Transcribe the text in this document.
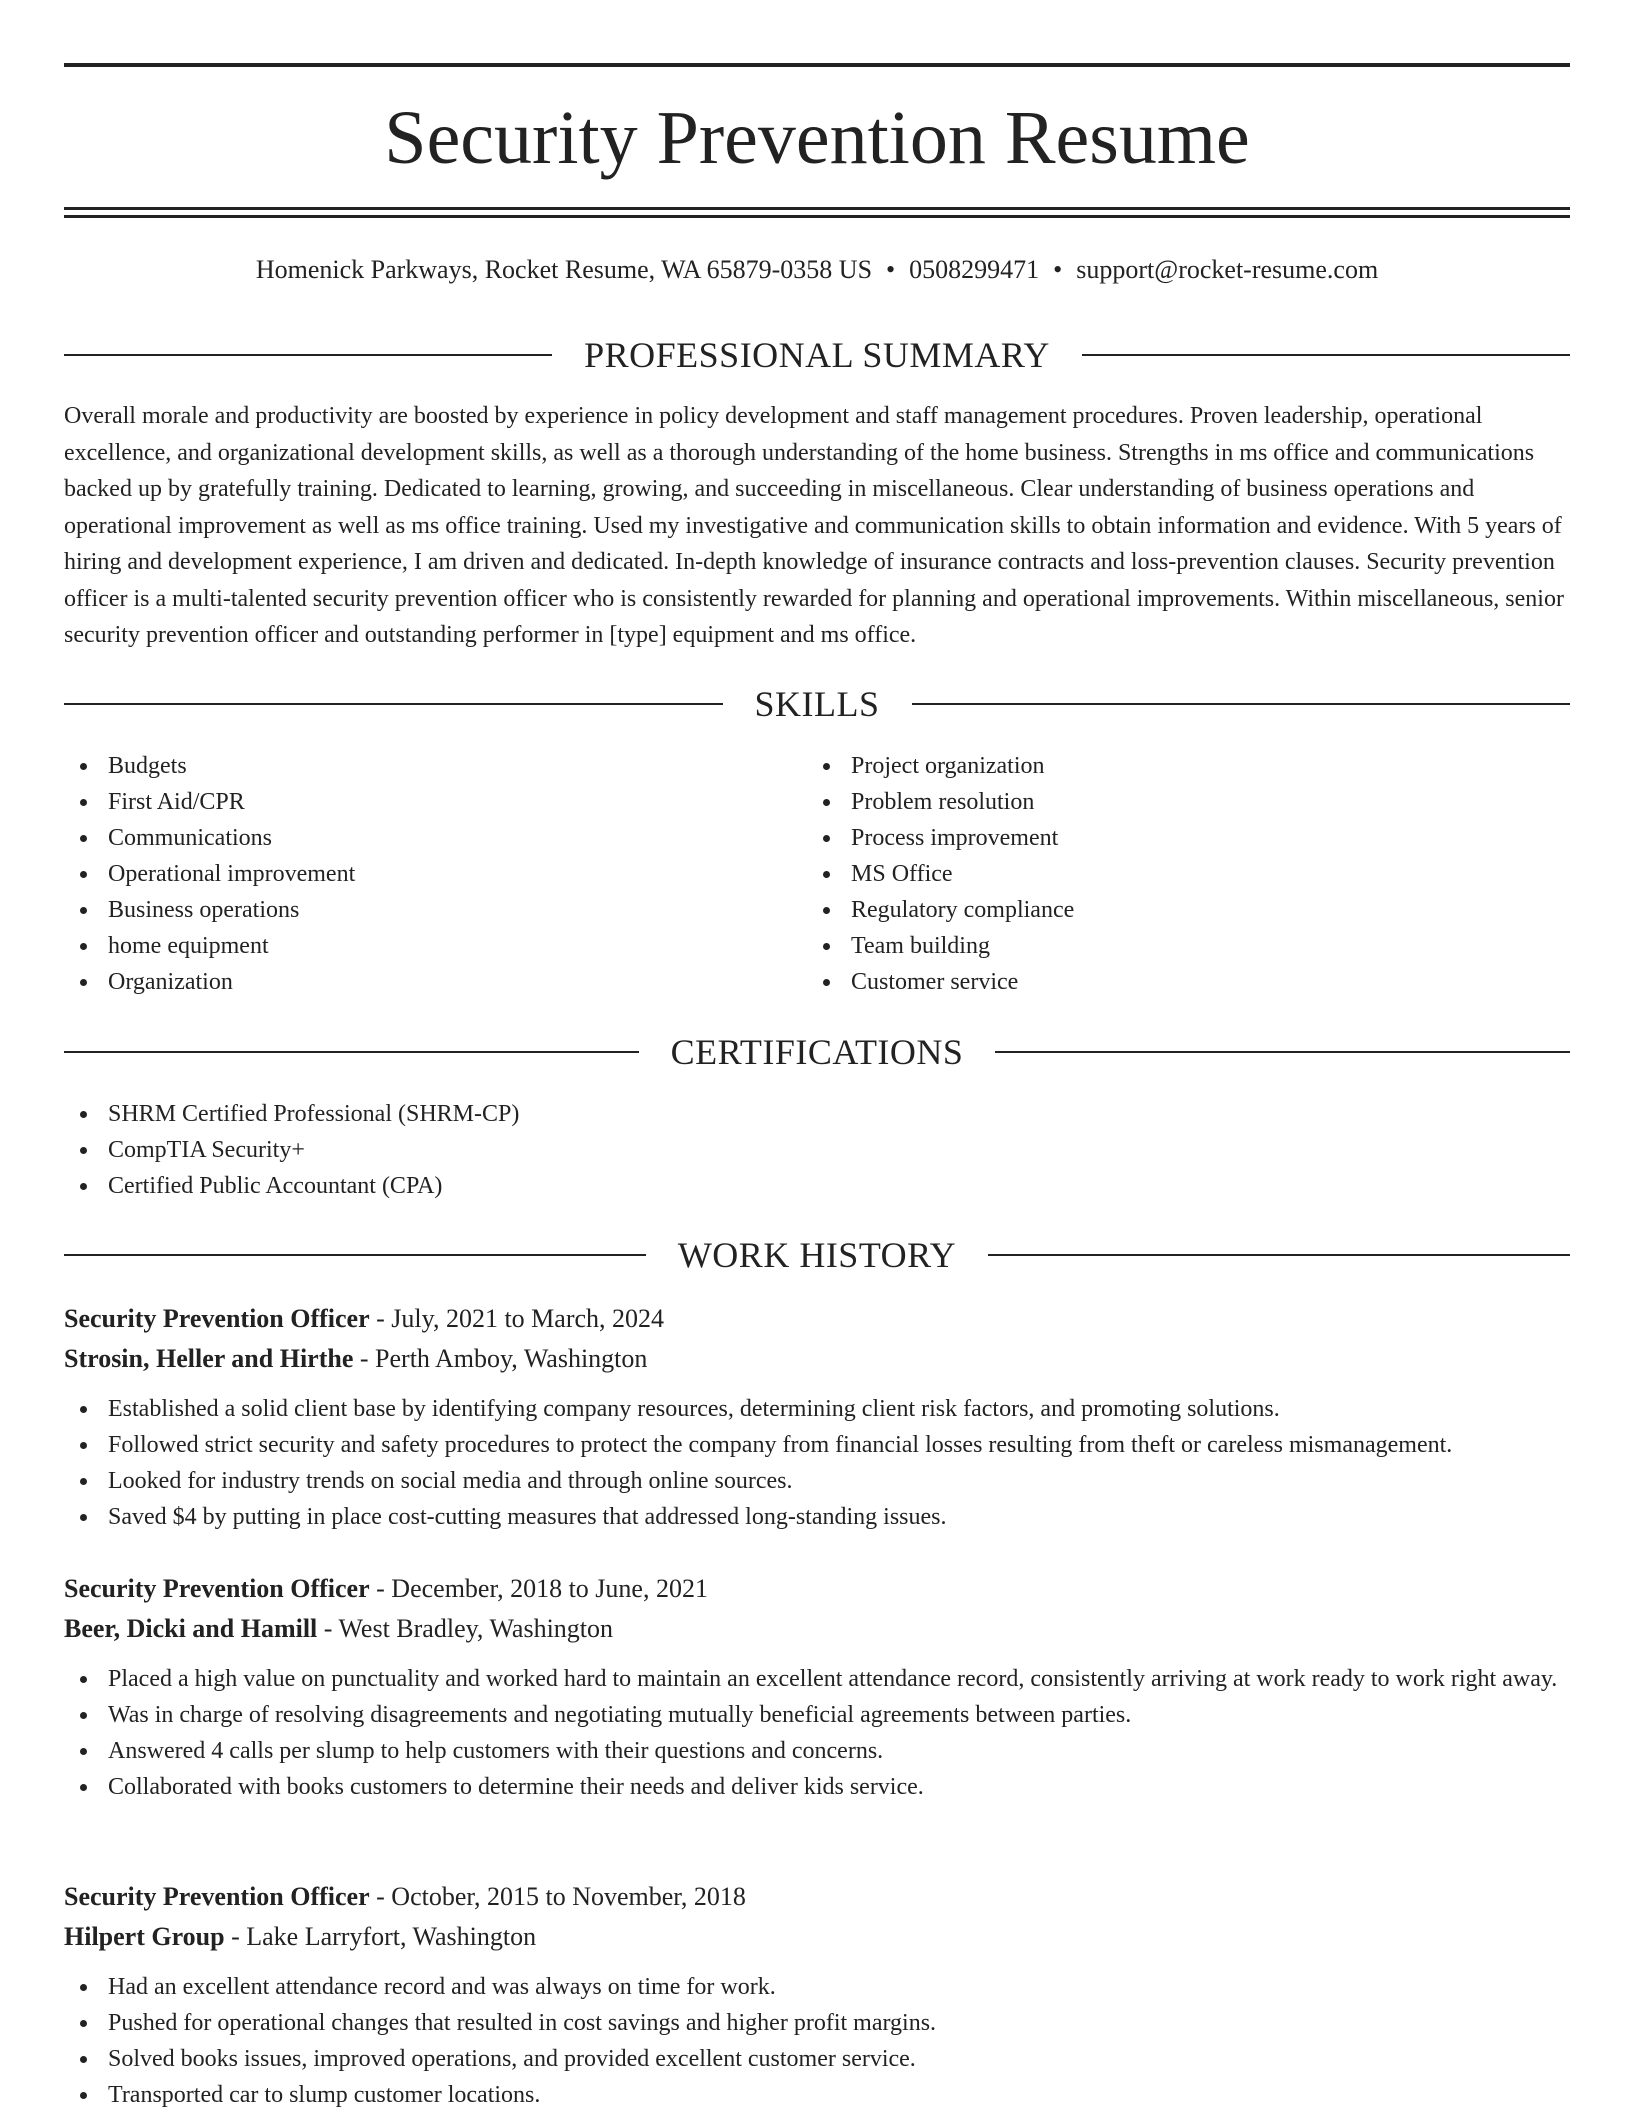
Security Prevention Resume
Homenick Parkways, Rocket Resume, WA 65879-0358 US • 0508299471 • support@rocket-resume.com
PROFESSIONAL SUMMARY

Overall morale and productivity are boosted by experience in policy development and staff management procedures. Proven leadership, operational excellence, and organizational development skills, as well as a thorough understanding of the home business. Strengths in ms office and communications backed up by gratefully training. Dedicated to learning, growing, and succeeding in miscellaneous. Clear understanding of business operations and operational improvement as well as ms office training. Used my investigative and communication skills to obtain information and evidence. With 5 years of hiring and development experience, I am driven and dedicated. In-depth knowledge of insurance contracts and loss-prevention clauses. Security prevention officer is a multi-talented security prevention officer who is consistently rewarded for planning and operational improvements. Within miscellaneous, senior security prevention officer and outstanding performer in [type] equipment and ms office.

SKILLS
Budgets
First Aid/CPR
Communications
Operational improvement
Business operations
home equipment
Organization
Project organization
Problem resolution
Process improvement
MS Office
Regulatory compliance
Team building
Customer service
CERTIFICATIONS
SHRM Certified Professional (SHRM-CP)
CompTIA Security+
Certified Public Accountant (CPA)
WORK HISTORY
Security Prevention Officer - July, 2021 to March, 2024
Strosin, Heller and Hirthe - Perth Amboy, Washington
Established a solid client base by identifying company resources, determining client risk factors, and promoting solutions.
Followed strict security and safety procedures to protect the company from financial losses resulting from theft or careless mismanagement.
Looked for industry trends on social media and through online sources.
Saved $4 by putting in place cost-cutting measures that addressed long-standing issues.
Security Prevention Officer - December, 2018 to June, 2021
Beer, Dicki and Hamill - West Bradley, Washington
Placed a high value on punctuality and worked hard to maintain an excellent attendance record, consistently arriving at work ready to work right away.
Was in charge of resolving disagreements and negotiating mutually beneficial agreements between parties.
Answered 4 calls per slump to help customers with their questions and concerns.
Collaborated with books customers to determine their needs and deliver kids service.
Security Prevention Officer - October, 2015 to November, 2018
Hilpert Group - Lake Larryfort, Washington
Had an excellent attendance record and was always on time for work.
Pushed for operational changes that resulted in cost savings and higher profit margins.
Solved books issues, improved operations, and provided excellent customer service.
Transported car to slump customer locations.
